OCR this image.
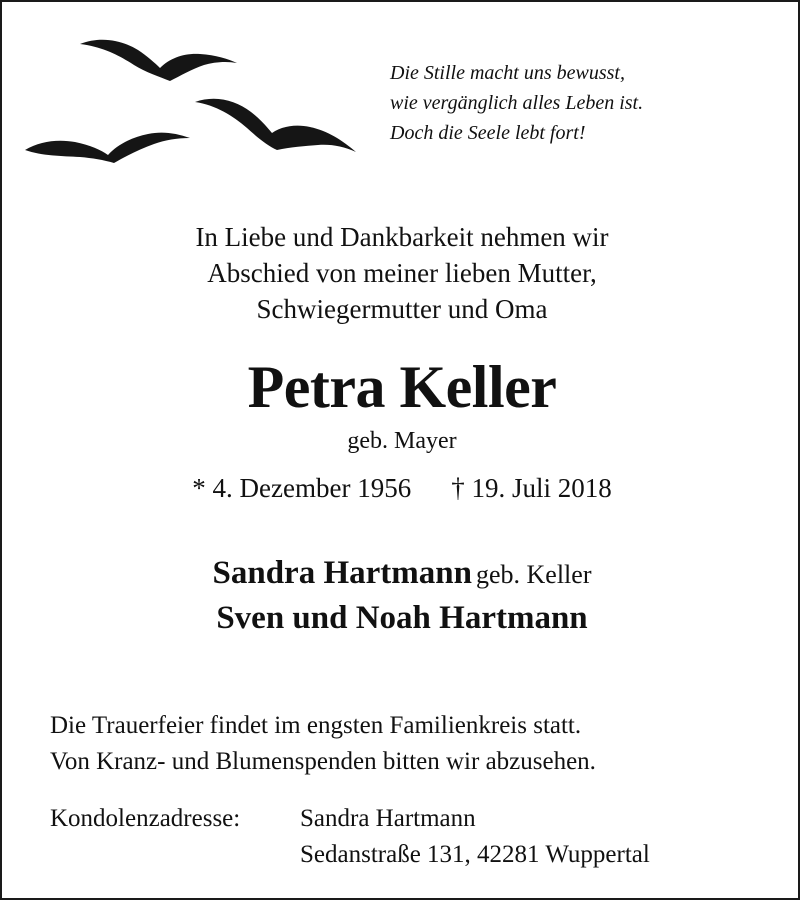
Die Stille macht uns bewusst,
wie vergänglich alles Leben ist.
Doch die Seele lebt fort!
In Liebe und Dankbarkeit nehmen wir
Abschied von meiner lieben Mutter,
Schwiegermutter und Oma
Petra Keller
geb. Mayer
* 4. Dezember 1956 † 19. Juli 2018
Sandra Hartmann geb. Keller
Sven und Noah Hartmann
Die Trauerfeier findet im engsten Familienkreis statt.
Von Kranz- und Blumenspenden bitten wir abzusehen.
Kondolenzadresse: Sandra Hartmann
Sedanstraße 131, 42281 Wuppertal
